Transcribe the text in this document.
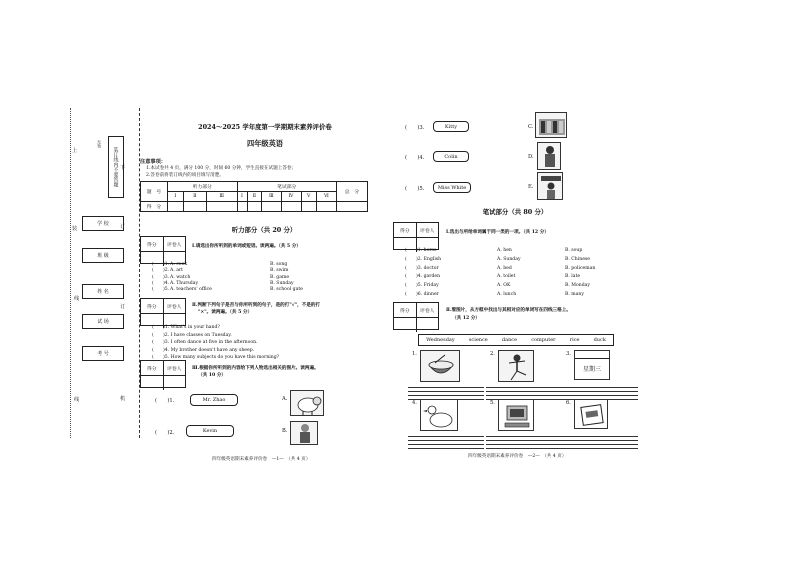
装订线内不要答题
无效
上
下
装	订
线
订
线	机
学 校
班 级
姓 名
试 场
考 号
2024～2025 学年度第一学期期末素养评价卷
四年级英语
注意事项：
1.本试卷共 4 页，满分 100 分，时间 60 分钟，学生直接在试题上答卷；
2.答卷前将装订线内的项目填写清楚。
题　号	听力部分			笔试部分						总　分
	Ⅰ	Ⅱ	Ⅲ	Ⅰ	Ⅱ	Ⅲ	Ⅳ	Ⅴ	Ⅵ	
得　分										
听力部分（共 20 分）
得分	评卷人	Ⅰ.请选出你所听到的单词或短语。读两遍。（共 5 分）
(　　)1. A. cook	B. song
(　　)2. A. art	B. swim
(　　)3. A. watch	B. game
(　　)4. A. Thursday	B. Sunday
(　　)5. A. teachers' office	B. school gate
得分	评卷人	Ⅱ.判断下列句子是否与你所听到的句子，是的打"√"，不是的打
"×"。读两遍。（共 5 分）
(　　)1. What's in your hand?
(　　)2. I have classes on Tuesday.
(　　)3. I often dance at five in the afternoon.
(　　)4. My brother doesn't have any sheep.
(　　)5. How many subjects do you have this morning?
得分	评卷人	Ⅲ.根据你所听到的内容给下列人物选出相关的图片。读两遍。
（共 10 分）
(　　)1.	Mr. Zhao	A.
(　　)2.	Kevin	B.
四年级英语期末素养评价卷　—1—　（共 4 页）
(　　)3.	Kitty	C.
(　　)4.	Colin	D.
(　　)5.	Miss White	E.
笔试部分（共 80 分）
得分	评卷人	Ⅰ.选出与所给单词属于同一类的一项。（共 12 分）
(　　)1. horse	A. hen	B. soup
(　　)2. English	A. Sunday	B. Chinese
(　　)3. doctor	A. bed	B. policeman
(　　)4. garden	A. toilet	B. late
(　　)5. Friday	A. OK	B. Monday
(　　)6. dinner	A. lunch	B. many
得分	评卷人	Ⅱ.看图片，从方框中找出与其相对应的单词写在四线三格上。
（共 12 分）
Wednesday	science	dance	computer	rice	duck
1.	2.	3.
星期三
4.	5.	6.
四年级英语期末素养评价卷　—2—　（共 4 页）
